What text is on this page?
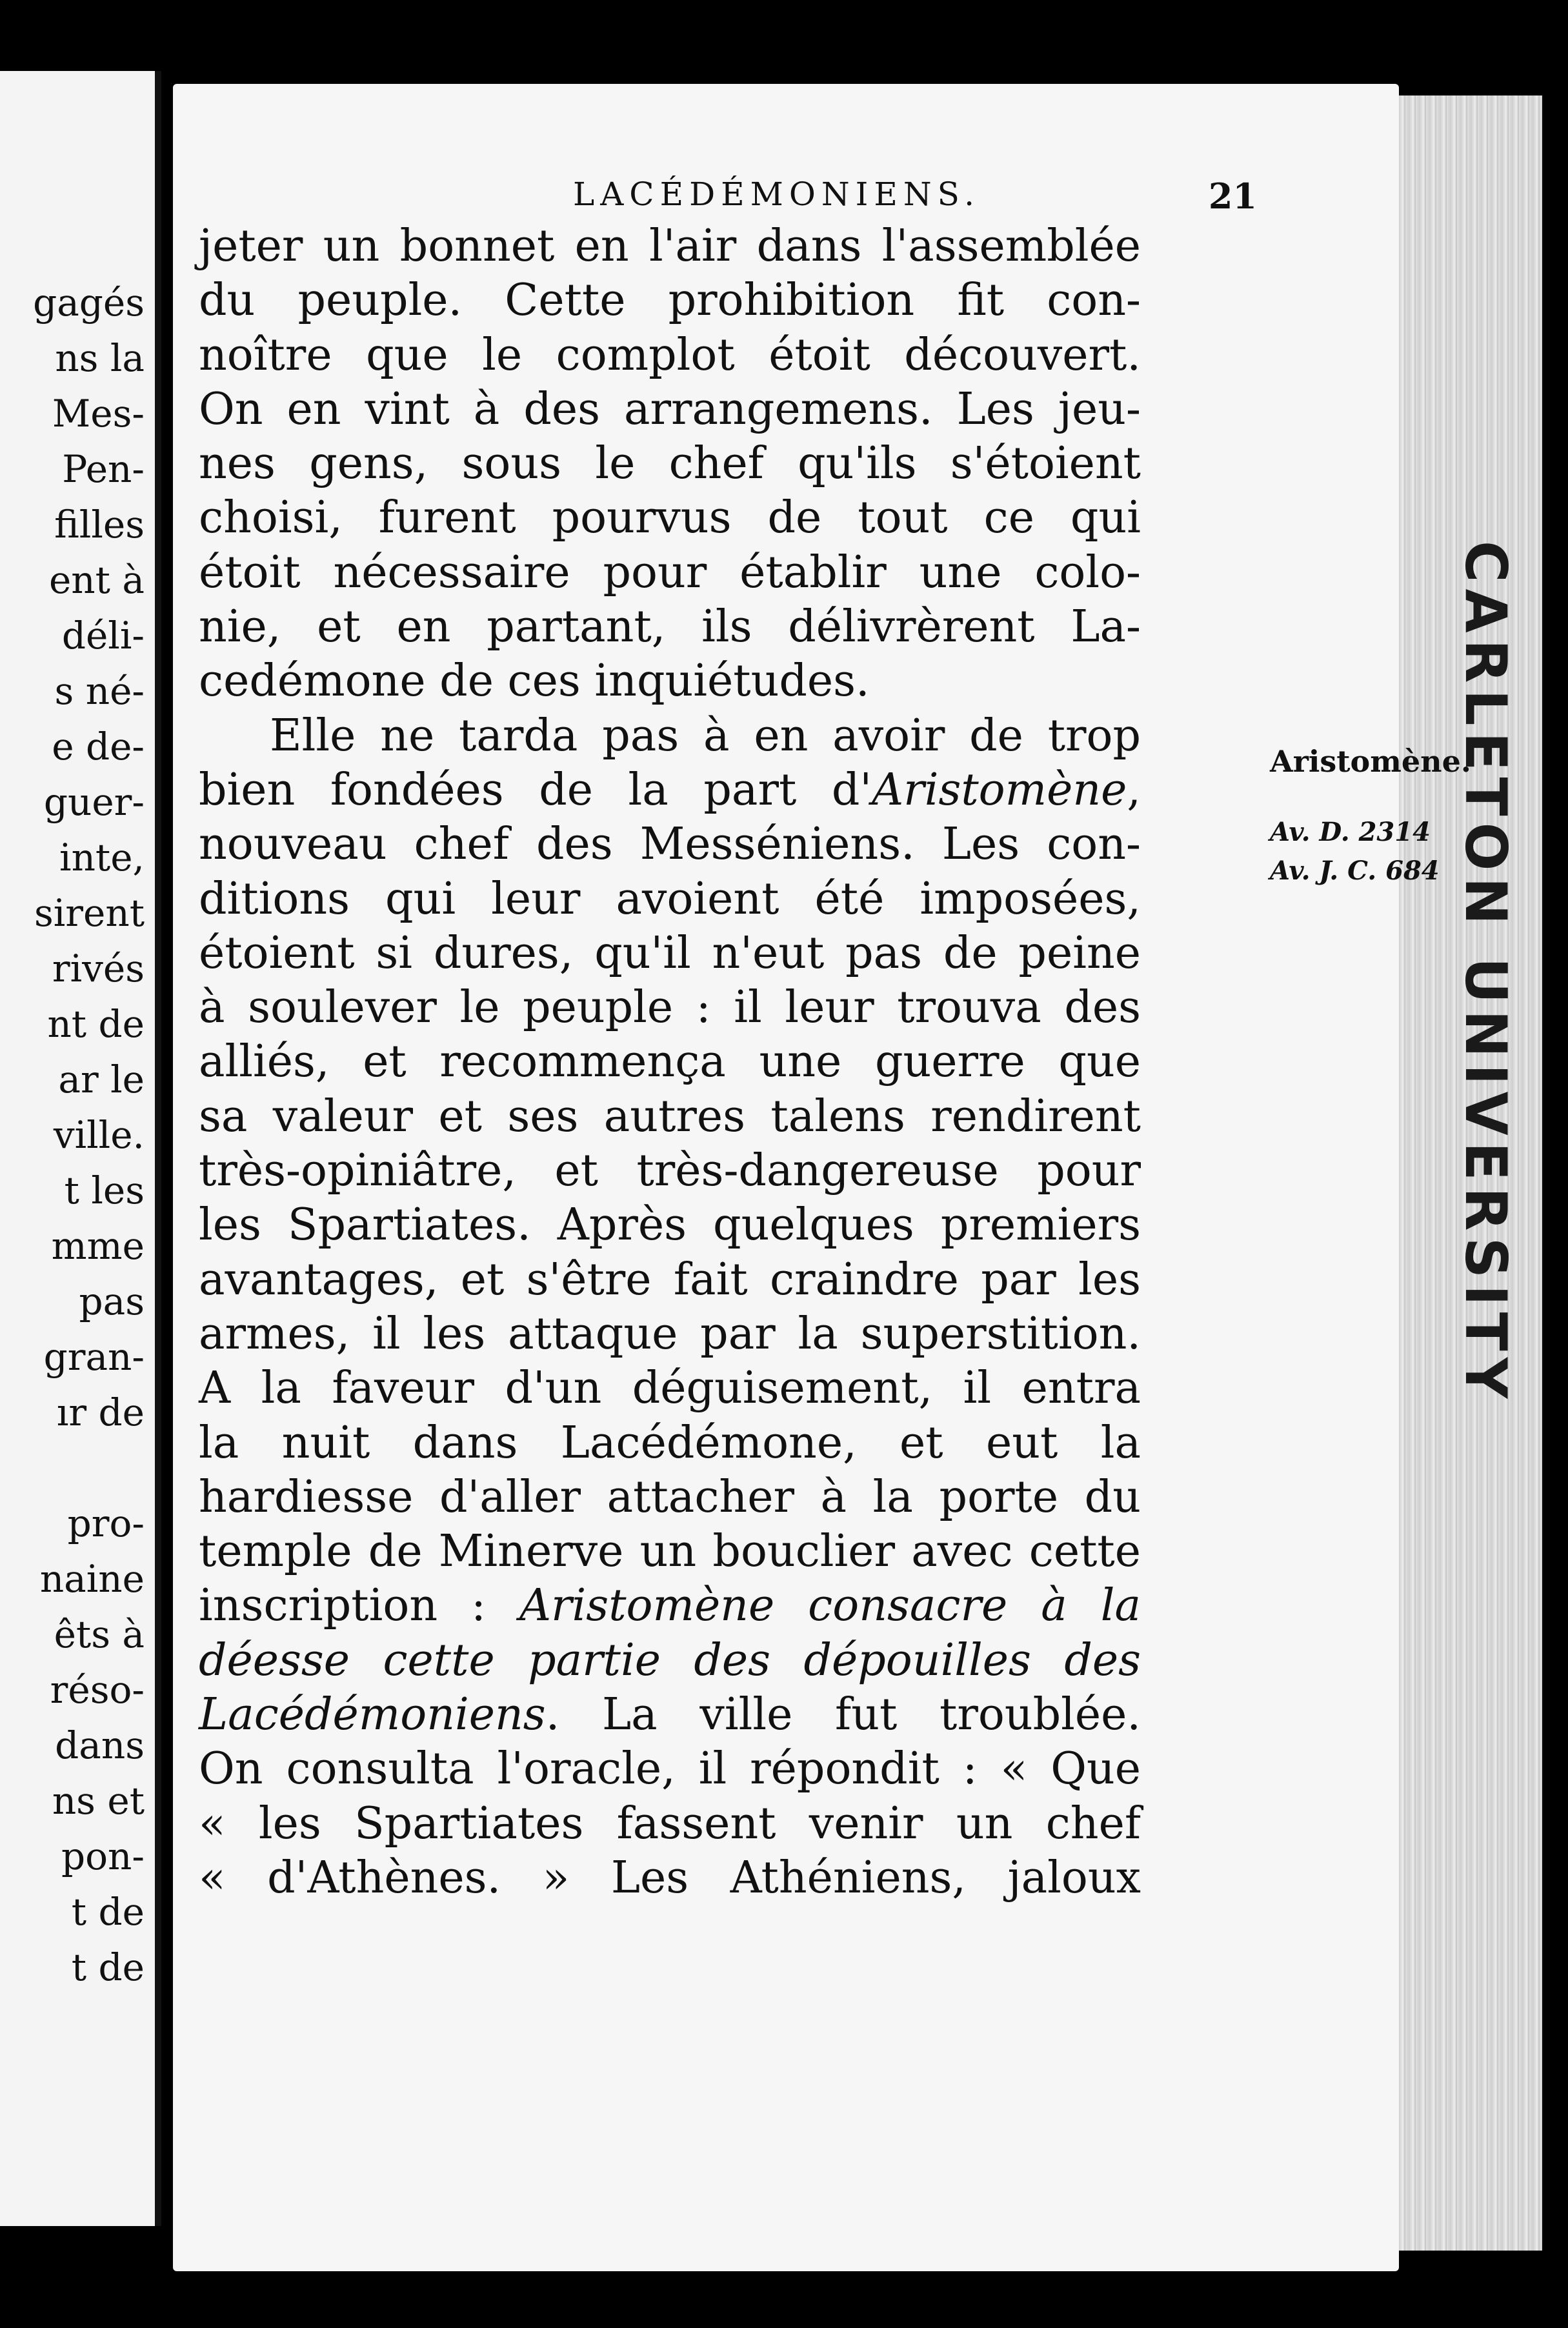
gagés
ns la
Mes-
Pen-
filles
ent à
déli-
s né-
e de-
guer-
inte,
sirent
rivés
nt de
ar le
ville.
t les
mme
pas
gran-
ır de
pro-
naine
êts à
réso-
dans
ns et
pon-
t de
t de
CARLETON UNIVERSITY
LACÉDÉMONIENS.	21
jeter un bonnet en l'air dans l'assemblée
du peuple. Cette prohibition fit con-
noître que le complot étoit découvert.
On en vint à des arrangemens. Les jeu-
nes gens, sous le chef qu'ils s'étoient
choisi, furent pourvus de tout ce qui
étoit nécessaire pour établir une colo-
nie, et en partant, ils délivrèrent La-
cedémone de ces inquiétudes.
Elle ne tarda pas à en avoir de trop
bien fondées de la part d'Aristomène,
nouveau chef des Messéniens. Les con-
ditions qui leur avoient été imposées,
étoient si dures, qu'il n'eut pas de peine
à soulever le peuple : il leur trouva des
alliés, et recommença une guerre que
sa valeur et ses autres talens rendirent
très-opiniâtre, et très-dangereuse pour
les Spartiates. Après quelques premiers
avantages, et s'être fait craindre par les
armes, il les attaque par la superstition.
A la faveur d'un déguisement, il entra
la nuit dans Lacédémone, et eut la
hardiesse d'aller attacher à la porte du
temple de Minerve un bouclier avec cette
inscription : Aristomène consacre à la
déesse cette partie des dépouilles des
Lacédémoniens. La ville fut troublée.
On consulta l'oracle, il répondit : « Que
« les Spartiates fassent venir un chef
« d'Athènes. » Les Athéniens, jaloux
Aristomène.
Av. D. 2314
Av. J. C. 684
